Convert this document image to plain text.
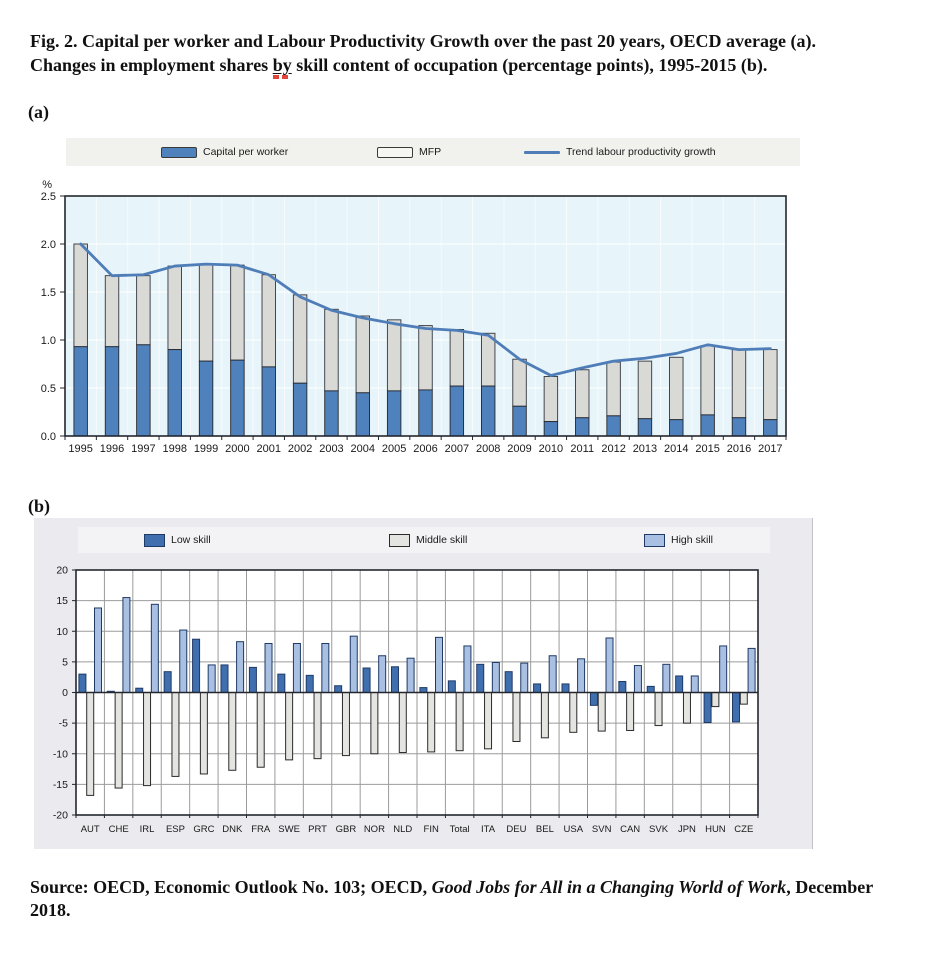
Fig. 2. Capital per worker and Labour Productivity Growth over the past 20 years, OECD average (a).
Changes in employment shares by
skill content of occupation (percentage points), 1995-2015 (b).
(a)
Capital per worker	MFP	Trend labour productivity growth
%
0.0
0.5
1.0
1.5
2.0
2.5
1995 1996 1997 1998 1999 2000 2001 2002 2003 2004 2005 2006 2007 2008 2009 2010 2011 2012 2013 2014 2015 2016 2017
(b)
Low skill	Middle skill	High skill
20
15
10
5
0
-5
-10
-15
-20
AUT CHE IRL ESP GRC DNK FRA SWE PRT GBR NOR NLD FIN Total ITA DEU BEL USA SVN CAN SVK JPN HUN CZE
Source: OECD, Economic Outlook No. 103; OECD, Good Jobs for All in a Changing World of Work, December 2018.
